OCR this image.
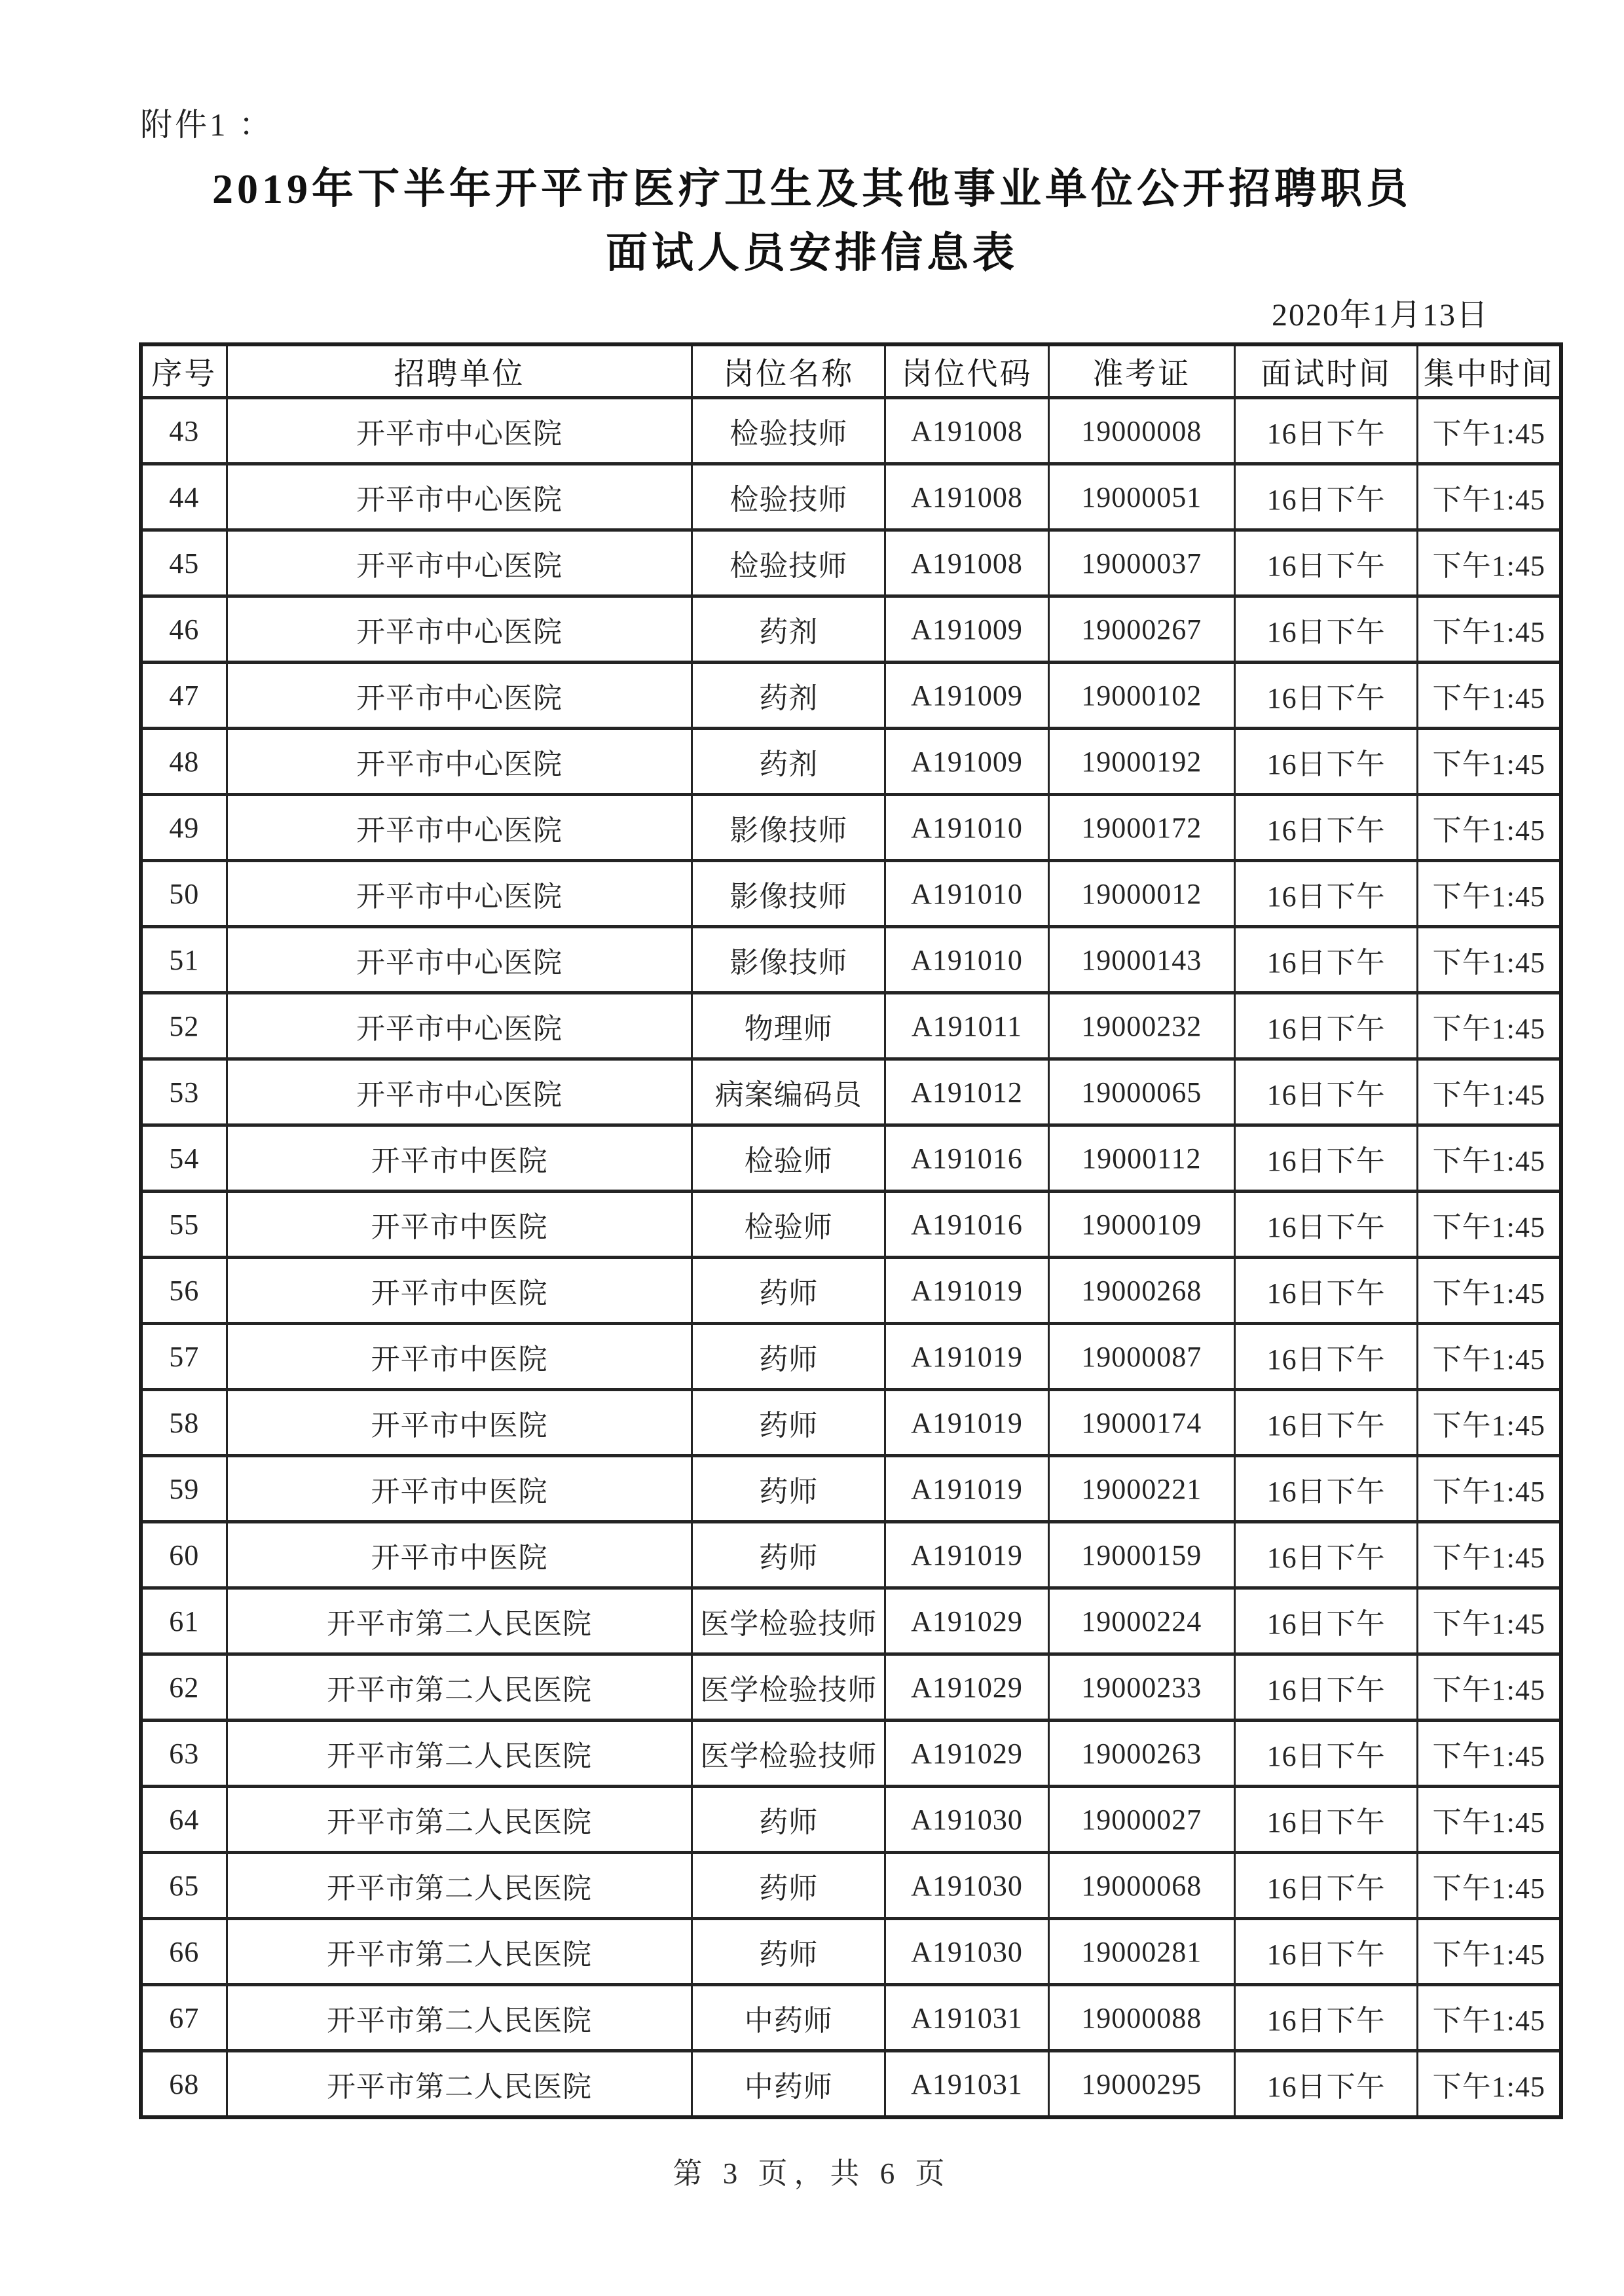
附件1 ：
2019年下半年开平市医疗卫生及其他事业单位公开招聘职员
面试人员安排信息表
2020年1月13日
序号	招聘单位	岗位名称	岗位代码	准考证	面试时间	集中时间
43	开平市中心医院	检验技师	A191008	19000008	16日下午	下午1:45
44	开平市中心医院	检验技师	A191008	19000051	16日下午	下午1:45
45	开平市中心医院	检验技师	A191008	19000037	16日下午	下午1:45
46	开平市中心医院	药剂	A191009	19000267	16日下午	下午1:45
47	开平市中心医院	药剂	A191009	19000102	16日下午	下午1:45
48	开平市中心医院	药剂	A191009	19000192	16日下午	下午1:45
49	开平市中心医院	影像技师	A191010	19000172	16日下午	下午1:45
50	开平市中心医院	影像技师	A191010	19000012	16日下午	下午1:45
51	开平市中心医院	影像技师	A191010	19000143	16日下午	下午1:45
52	开平市中心医院	物理师	A191011	19000232	16日下午	下午1:45
53	开平市中心医院	病案编码员	A191012	19000065	16日下午	下午1:45
54	开平市中医院	检验师	A191016	19000112	16日下午	下午1:45
55	开平市中医院	检验师	A191016	19000109	16日下午	下午1:45
56	开平市中医院	药师	A191019	19000268	16日下午	下午1:45
57	开平市中医院	药师	A191019	19000087	16日下午	下午1:45
58	开平市中医院	药师	A191019	19000174	16日下午	下午1:45
59	开平市中医院	药师	A191019	19000221	16日下午	下午1:45
60	开平市中医院	药师	A191019	19000159	16日下午	下午1:45
61	开平市第二人民医院	医学检验技师	A191029	19000224	16日下午	下午1:45
62	开平市第二人民医院	医学检验技师	A191029	19000233	16日下午	下午1:45
63	开平市第二人民医院	医学检验技师	A191029	19000263	16日下午	下午1:45
64	开平市第二人民医院	药师	A191030	19000027	16日下午	下午1:45
65	开平市第二人民医院	药师	A191030	19000068	16日下午	下午1:45
66	开平市第二人民医院	药师	A191030	19000281	16日下午	下午1:45
67	开平市第二人民医院	中药师	A191031	19000088	16日下午	下午1:45
68	开平市第二人民医院	中药师	A191031	19000295	16日下午	下午1:45
第 3 页，共 6 页
